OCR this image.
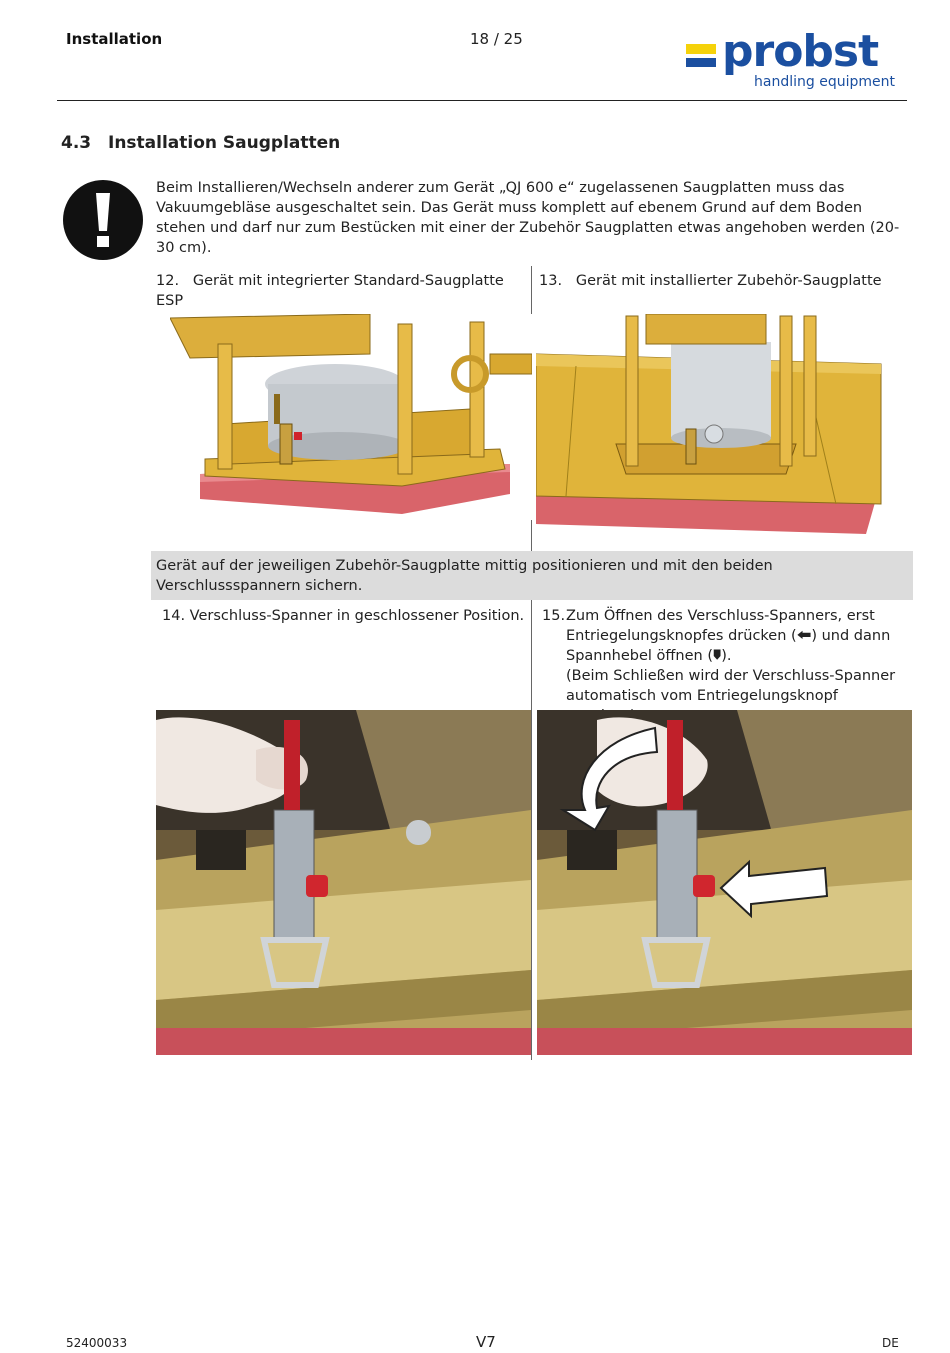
Installation	18 / 25	probst
handling equipment
4.3 Installation Saugplatten
Beim Installieren/Wechseln anderer zum Gerät „QJ 600 e“ zugelassenen Saugplatten muss das Vakuumgebläse ausgeschaltet sein. Das Gerät muss komplett auf ebenem Grund auf dem Boden stehen und darf nur zum Bestücken mit einer der Zubehör Saugplatten etwas angehoben werden (20-30 cm).
12. Gerät mit integrierter Standard-Saugplatte ESP

13. Gerät mit installierter Zubehör-Saugplatte
Gerät auf der jeweiligen Zubehör-Saugplatte mittig positionieren und mit den beiden Verschlussspannern sichern.
14. Verschluss-Spanner in geschlossener Position. 15. Zum Öffnen des Verschluss-Spanners, erst
Entriegelungsknopfes drücken (🠰) und dann
Spannhebel öffnen (🠷).
(Beim Schließen wird der Verschluss-Spanner
automatisch vom Entriegelungsknopf
52400033	V7	DE
